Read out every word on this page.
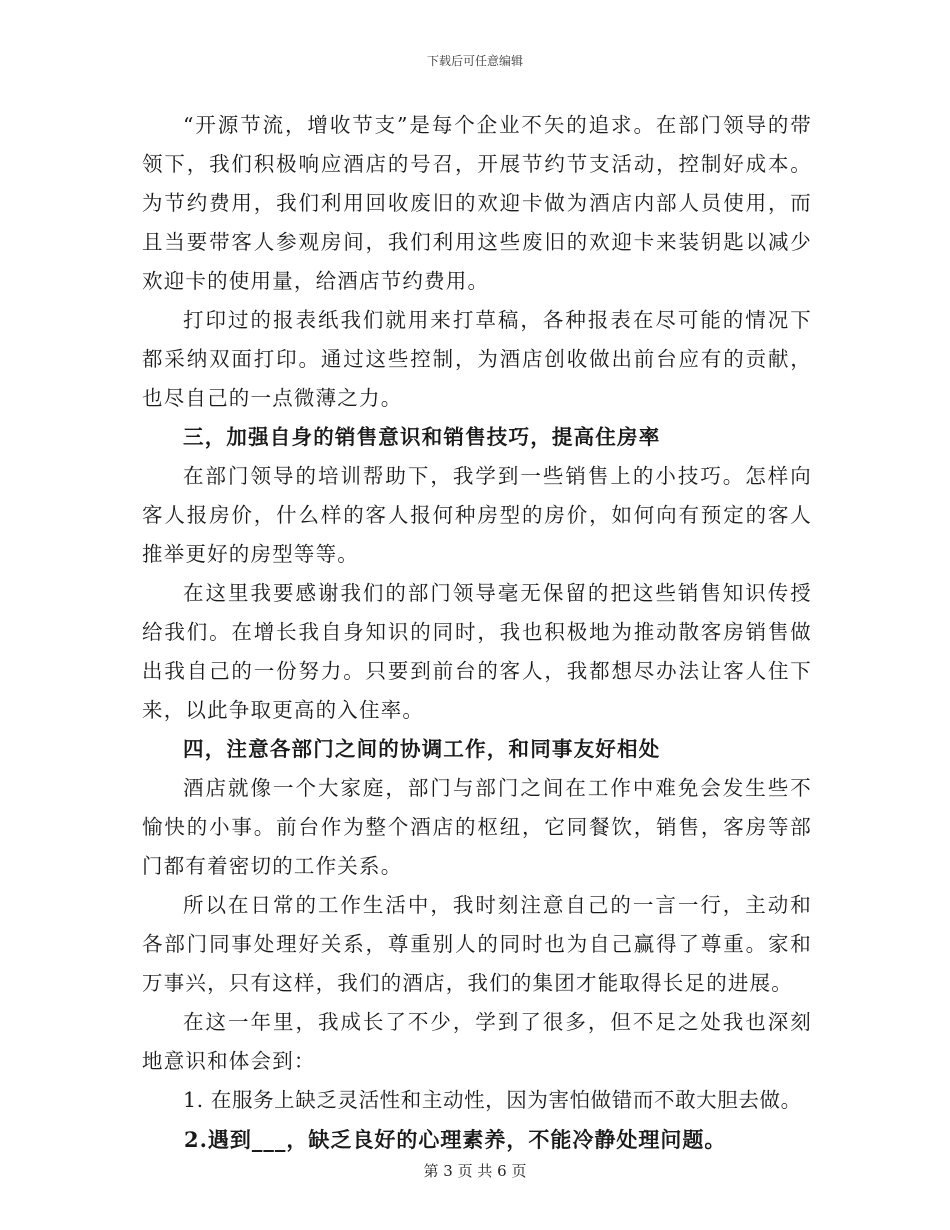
下载后可任意编辑

“开源节流，增收节支”是每个企业不矢的追求。在部门领导的带领下，我们积极响应酒店的号召，开展节约节支活动，控制好成本。为节约费用，我们利用回收废旧的欢迎卡做为酒店内部人员使用，而且当要带客人参观房间，我们利用这些废旧的欢迎卡来装钥匙以减少欢迎卡的使用量，给酒店节约费用。

打印过的报表纸我们就用来打草稿，各种报表在尽可能的情况下都采纳双面打印。通过这些控制，为酒店创收做出前台应有的贡献，也尽自己的一点微薄之力。

三，加强自身的销售意识和销售技巧，提高住房率

在部门领导的培训帮助下，我学到一些销售上的小技巧。怎样向客人报房价，什么样的客人报何种房型的房价，如何向有预定的客人推举更好的房型等等。

在这里我要感谢我们的部门领导毫无保留的把这些销售知识传授给我们。在增长我自身知识的同时，我也积极地为推动散客房销售做出我自己的一份努力。只要到前台的客人，我都想尽办法让客人住下来，以此争取更高的入住率。

四，注意各部门之间的协调工作，和同事友好相处

酒店就像一个大家庭，部门与部门之间在工作中难免会发生些不愉快的小事。前台作为整个酒店的枢纽，它同餐饮，销售，客房等部门都有着密切的工作关系。

所以在日常的工作生活中，我时刻注意自己的一言一行，主动和各部门同事处理好关系，尊重别人的同时也为自己赢得了尊重。家和万事兴，只有这样，我们的酒店，我们的集团才能取得长足的进展。

在这一年里，我成长了不少，学到了很多，但不足之处我也深刻地意识和体会到：

1. 在服务上缺乏灵活性和主动性，因为害怕做错而不敢大胆去做。

2.遇到___，缺乏良好的心理素养，不能冷静处理问题。

第 3 页 共 6 页
